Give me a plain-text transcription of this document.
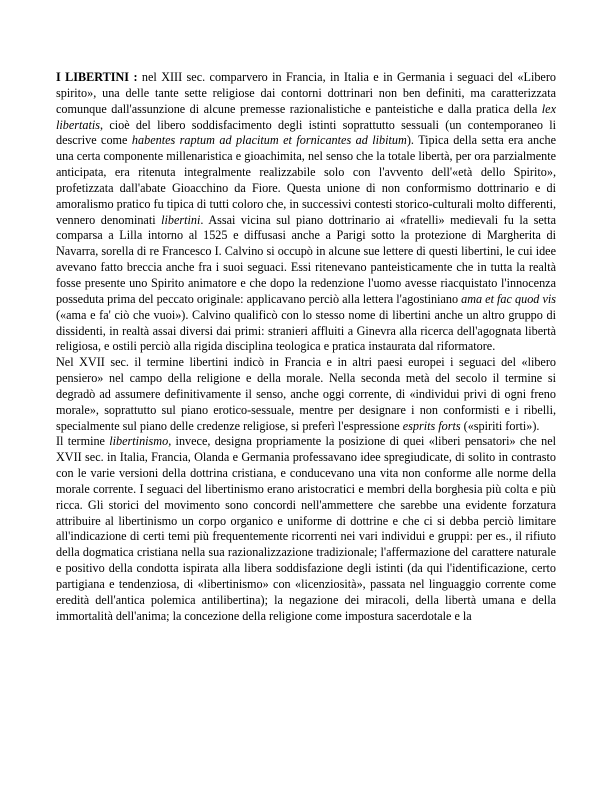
I LIBERTINI : nel XIII sec. comparvero in Francia, in Italia e in Germania i seguaci del «Libero spirito», una delle tante sette religiose dai contorni dottrinari non ben definiti, ma caratterizzata comunque dall'assunzione di alcune premesse razionalistiche e panteistiche e dalla pratica della lex libertatis, cioè del libero soddisfacimento degli istinti soprattutto sessuali (un contemporaneo li descrive come habentes raptum ad placitum et fornicantes ad libitum). Tipica della setta era anche una certa componente millenaristica e gioachimita, nel senso che la totale libertà, per ora parzialmente anticipata, era ritenuta integralmente realizzabile solo con l'avvento dell'«età dello Spirito», profetizzata dall'abate Gioacchino da Fiore. Questa unione di non conformismo dottrinario e di amoralismo pratico fu tipica di tutti coloro che, in successivi contesti storico-culturali molto differenti, vennero denominati libertini. Assai vicina sul piano dottrinario ai «fratelli» medievali fu la setta comparsa a Lilla intorno al 1525 e diffusasi anche a Parigi sotto la protezione di Margherita di Navarra, sorella di re Francesco I. Calvino si occupò in alcune sue lettere di questi libertini, le cui idee avevano fatto breccia anche fra i suoi seguaci. Essi ritenevano panteisticamente che in tutta la realtà fosse presente uno Spirito animatore e che dopo la redenzione l'uomo avesse riacquistato l'innocenza posseduta prima del peccato originale: applicavano perciò alla lettera l'agostiniano ama et fac quod vis («ama e fa' ciò che vuoi»). Calvino qualificò con lo stesso nome di libertini anche un altro gruppo di dissidenti, in realtà assai diversi dai primi: stranieri affluiti a Ginevra alla ricerca dell'agognata libertà religiosa, e ostili perciò alla rigida disciplina teologica e pratica instaurata dal riformatore.

Nel XVII sec. il termine libertini indicò in Francia e in altri paesi europei i seguaci del «libero pensiero» nel campo della religione e della morale. Nella seconda metà del secolo il termine si degradò ad assumere definitivamente il senso, anche oggi corrente, di «individui privi di ogni freno morale», soprattutto sul piano erotico-sessuale, mentre per designare i non conformisti e i ribelli, specialmente sul piano delle credenze religiose, si preferì l'espressione esprits forts («spiriti forti»).

Il termine libertinismo, invece, designa propriamente la posizione di quei «liberi pensatori» che nel XVII sec. in Italia, Francia, Olanda e Germania professavano idee spregiudicate, di solito in contrasto con le varie versioni della dottrina cristiana, e conducevano una vita non conforme alle norme della morale corrente. I seguaci del libertinismo erano aristocratici e membri della borghesia più colta e più ricca. Gli storici del movimento sono concordi nell'ammettere che sarebbe una evidente forzatura attribuire al libertinismo un corpo organico e uniforme di dottrine e che ci si debba perciò limitare all'indicazione di certi temi più frequentemente ricorrenti nei vari individui e gruppi: per es., il rifiuto della dogmatica cristiana nella sua razionalizzazione tradizionale; l'affermazione del carattere naturale e positivo della condotta ispirata alla libera soddisfazione degli istinti (da qui l'identificazione, certo partigiana e tendenziosa, di «libertinismo» con «licenziosità», passata nel linguaggio corrente come eredità dell'antica polemica antilibertina); la negazione dei miracoli, della libertà umana e della immortalità dell'anima; la concezione della religione come impostura sacerdotale e la
